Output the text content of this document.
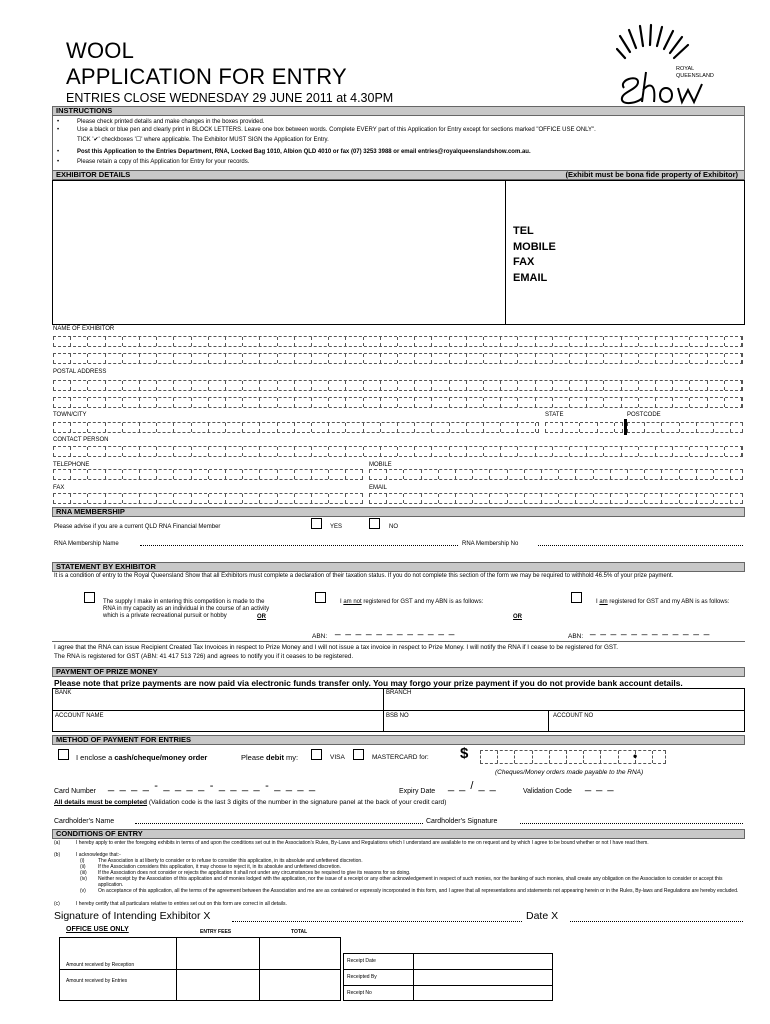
WOOL
APPLICATION FOR ENTRY
ENTRIES CLOSE WEDNESDAY 29 JUNE 2011 at 4.30PM
ROYAL
QUEENSLAND
INSTRUCTIONS
•	Please check printed details and make changes in the boxes provided.
•	Use a black or blue pen and clearly print in BLOCK LETTERS. Leave one box between words. Complete EVERY part of this Application for Entry except for sections marked "OFFICE USE ONLY".
TICK '✔' checkboxes '☐' where applicable. The Exhibitor MUST SIGN the Application for Entry.
•	Post this Application to the Entries Department, RNA, Locked Bag 1010, Albion QLD 4010 or fax (07) 3253 3988 or email entries@royalqueenslandshow.com.au.
•	Please retain a copy of this Application for Entry for your records.
EXHIBITOR DETAILS	(Exhibit must be bona fide property of Exhibitor)
TEL
MOBILE
FAX
EMAIL
NAME OF EXHIBITOR
POSTAL ADDRESS
TOWN/CITY	STATE	POSTCODE
CONTACT PERSON
TELEPHONE	MOBILE
FAX	EMAIL
RNA MEMBERSHIP
Please advise if you are a current QLD RNA Financial Member	YES	NO
RNA Membership Name	RNA Membership No
STATEMENT BY EXHIBITOR
It is a condition of entry to the Royal Queensland Show that all Exhibitors must complete a declaration of their taxation status. If you do not complete this section of the form we may be required to withhold 46.5% of your prize payment.
The supply I make in entering this competition is made to the RNA in my capacity as an individual in the course of an activity which is a private recreational pursuit or hobby	OR
I am not registered for GST and my ABN is as follows:
ABN:
_ _ _ _ _ _ _ _ _ _ _ _
OR
I am registered for GST and my ABN is as follows:
ABN:
_ _ _ _ _ _ _ _ _ _ _ _
I agree that the RNA can issue Recipient Created Tax Invoices in respect to Prize Money and I will not issue a tax invoice in respect to Prize Money. I will notify the RNA if I cease to be registered for GST.
The RNA is registered for GST (ABN: 41 417 513 726) and agrees to notify you if it ceases to be registered.
PAYMENT OF PRIZE MONEY
Please note that prize payments are now paid via electronic funds transfer only. You may forgo your prize payment if you do not provide bank account details.
BANK	BRANCH
ACCOUNT NAME	BSB NO	ACCOUNT NO
METHOD OF PAYMENT FOR ENTRIES
I enclose a cash/cheque/money order	Please debit my:	VISA	MASTERCARD for: $	•
(Cheques/Money orders made payable to the RNA)
Card Number _ _ _ _ - _ _ _ _ - _ _ _ _ - _ _ _ _	Expiry Date _ _ / _ _	Validation Code _ _ _
All details must be completed (Validation code is the last 3 digits of the number in the signature panel at the back of your credit card)
Cardholder's Name	Cardholder's Signature
CONDITIONS OF ENTRY
(a)	I hereby apply to enter the foregoing exhibits in terms of and upon the conditions set out in the Association's Rules, By-Laws and Regulations which I understand are available to me on request and by which I agree to be bound whether or not I have read them.
(b)	I acknowledge that:-
(i)	The Association is at liberty to consider or to refuse to consider this application, in its absolute and unfettered discretion.
(ii) If the Association considers this application, it may choose to reject it, in its absolute and unfettered discretion.
(iii) If the Association does not consider or rejects the application it shall not under any circumstances be required to give its reasons for so doing.
(iv) Neither receipt by the Association of this application and of monies lodged with the application, nor the issue of a receipt or any other acknowledgement in respect of such monies, nor the banking of such monies, shall create any obligation on the Association to consider or accept this application.
(v) On acceptance of this application, all the terms of the agreement between the Association and me are as contained or expressly incorporated in this form, and I agree that all representations and statements not appearing herein or in the Rules, By-laws and Regulations are hereby excluded.
(c)	I hereby certify that all particulars relative to entries set out on this form are correct in all details.
Signature of Intending Exhibitor X	Date X
OFFICE USE ONLY	ENTRY FEES	TOTAL
Amount received by Reception
Amount received by Entries
Receipt Date
Receipted By
Receipt No
